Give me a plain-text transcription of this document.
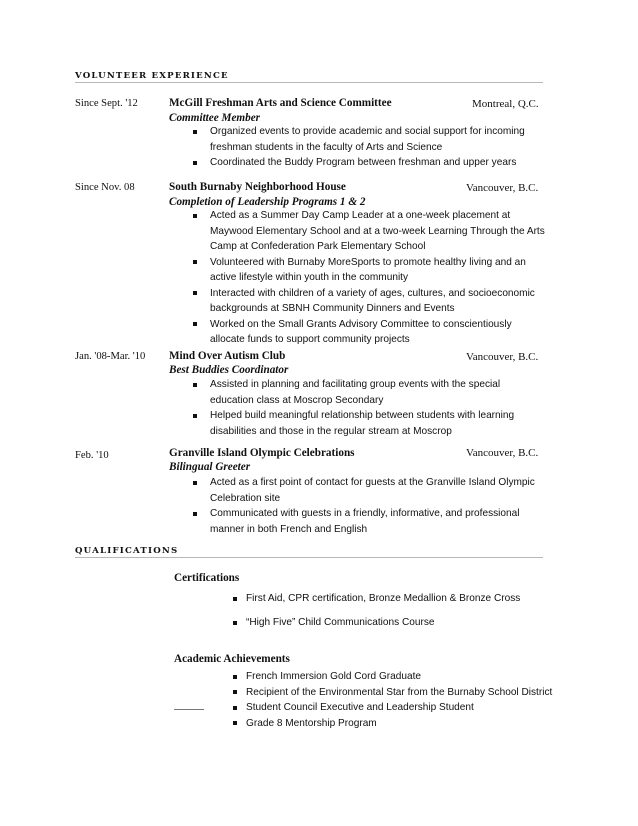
VOLUNTEER EXPERIENCE
Since Sept. '12	McGill Freshman Arts and Science Committee	Montreal, Q.C.
Committee Member
Organized events to provide academic and social support for incoming freshman students in the faculty of Arts and Science
Coordinated the Buddy Program between freshman and upper years
Since Nov. 08	South Burnaby Neighborhood House	Vancouver, B.C.
Completion of Leadership Programs 1 & 2
Acted as a Summer Day Camp Leader at a one-week placement at Maywood Elementary School and at a two-week Learning Through the Arts Camp at Confederation Park Elementary School
Volunteered with Burnaby MoreSports to promote healthy living and an active lifestyle within youth in the community
Interacted with children of a variety of ages, cultures, and socioeconomic backgrounds at SBNH Community Dinners and Events
Worked on the Small Grants Advisory Committee to conscientiously allocate funds to support community projects
Jan. '08-Mar. '10 Mind Over Autism Club	Vancouver, B.C.
Best Buddies Coordinator
Assisted in planning and facilitating group events with the special education class at Moscrop Secondary
Helped build meaningful relationship between students with learning disabilities and those in the regular stream at Moscrop
Feb. '10	Granville Island Olympic Celebrations	Vancouver, B.C.
Bilingual Greeter
Acted as a first point of contact for guests at the Granville Island Olympic Celebration site
Communicated with guests in a friendly, informative, and professional manner in both French and English
QUALIFICATIONS
Certifications
First Aid, CPR certification, Bronze Medallion & Bronze Cross
“High Five” Child Communications Course
Academic Achievements
French Immersion Gold Cord Graduate
Recipient of the Environmental Star from the Burnaby School District
Student Council Executive and Leadership Student
Grade 8 Mentorship Program
